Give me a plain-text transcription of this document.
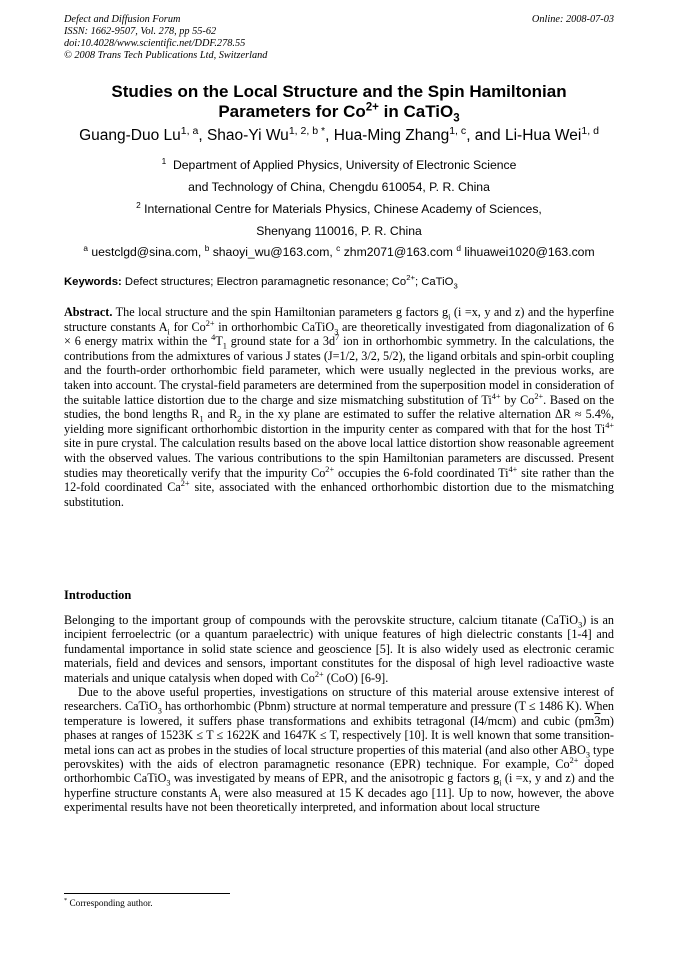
Defect and Diffusion Forum
ISSN: 1662-9507, Vol. 278, pp 55-62
doi:10.4028/www.scientific.net/DDF.278.55
© 2008 Trans Tech Publications Ltd, Switzerland
Online: 2008-07-03
Studies on the Local Structure and the Spin Hamiltonian
Parameters for $Co^{2+}$ in CaTiO$_3$
Guang-Duo Lu$^{1, a}$, Shao-Yi $Wu^{1, 2, b *}$, Hua-Ming Zhang$^{1, c}$, and Li-Hua Wei$^{1, d}$
$^1$ Department of Applied Physics, University of Electronic Science
and Technology of China, Chengdu 610054, P. R. China
$^2$ International Centre for Materials Physics, Chinese Academy of Sciences,
Shenyang 110016, P. R. China
$^a$ uestclgd@sina.com, $^b$ shaoyi_wu@163.com, $^c$ zhm2071@163.com $^d$ lihuawei1020@163.com
Keywords: Defect structures; Electron paramagnetic resonance; $Co^{2+}$; CaTiO$_3$
Abstract. The local structure and the spin Hamiltonian parameters g factors $g_i$ (i =x, y and z) and the hyperfine structure constants $A_i$ for $Co^{2+}$ in orthorhombic CaTiO$_3$ are theoretically investigated from diagonalization of 6 × 6 energy matrix within the $^4T_1$ ground state for a $3d^7$ ion in orthorhombic symmetry. In the calculations, the contributions from the admixtures of various J states (J=1/2, 3/2, 5/2), the ligand orbitals and spin-orbit coupling and the fourth-order orthorhombic field parameter, which were usually neglected in the previous works, are taken into account. The crystal-field parameters are determined from the superposition model in consideration of the suitable lattice distortion due to the charge and size mismatching substitution of $Ti^{4+}$ by $Co^{2+}$. Based on the studies, the bond lengths $R_1$ and $R_2$ in the xy plane are estimated to suffer the relative alternation ΔR ≈ 5.4%, yielding more significant orthorhombic distortion in the impurity center as compared with that for the host $Ti^{4+}$ site in pure crystal. The calculation results based on the above local lattice distortion show reasonable agreement with the observed values. The various contributions to the spin Hamiltonian parameters are discussed. Present studies may theoretically verify that the impurity $Co^{2+}$ occupies the 6-fold coordinated $Ti^{4+}$ site rather than the 12-fold coordinated $Ca^{2+}$ site, associated with the enhanced orthorhombic distortion due to the mismatching substitution.
Introduction

Belonging to the important group of compounds with the perovskite structure, calcium titanate (CaTiO$_3$) is an incipient ferroelectric (or a quantum paraelectric) with unique features of high dielectric constants [1-4] and fundamental importance in solid state science and geoscience [5]. It is also widely used as electronic ceramic materials, field and devices and sensors, important constitutes for the disposal of high level radioactive waste materials and unique catalysis when doped with $Co^{2+}$ (CoO) [6-9].

Due to the above useful properties, investigations on structure of this material arouse extensive interest of researchers. CaTiO$_3$ has orthorhombic (Pbnm) structure at normal temperature and pressure (T ≤ 1486 K). When temperature is lowered, it suffers phase transformations and exhibits tetragonal (I4/mcm) and cubic (pm3m) phases at ranges of 1523K ≤ T ≤ 1622K and 1647K ≤ T, respectively [10]. It is well known that some transition-metal ions can act as probes in the studies of local structure properties of this material (and also other $ABO_3$ type perovskites) with the aids of electron paramagnetic resonance (EPR) technique. For example, $Co^{2+}$ doped orthorhombic CaTiO$_3$ was investigated by means of EPR, and the anisotropic g factors $g_i$ (i =x, y and z) and the hyperfine structure constants $A_i$ were also measured at 15 K decades ago [11]. Up to now, however, the above experimental results have not been theoretically interpreted, and information about local structure

* Corresponding author.
